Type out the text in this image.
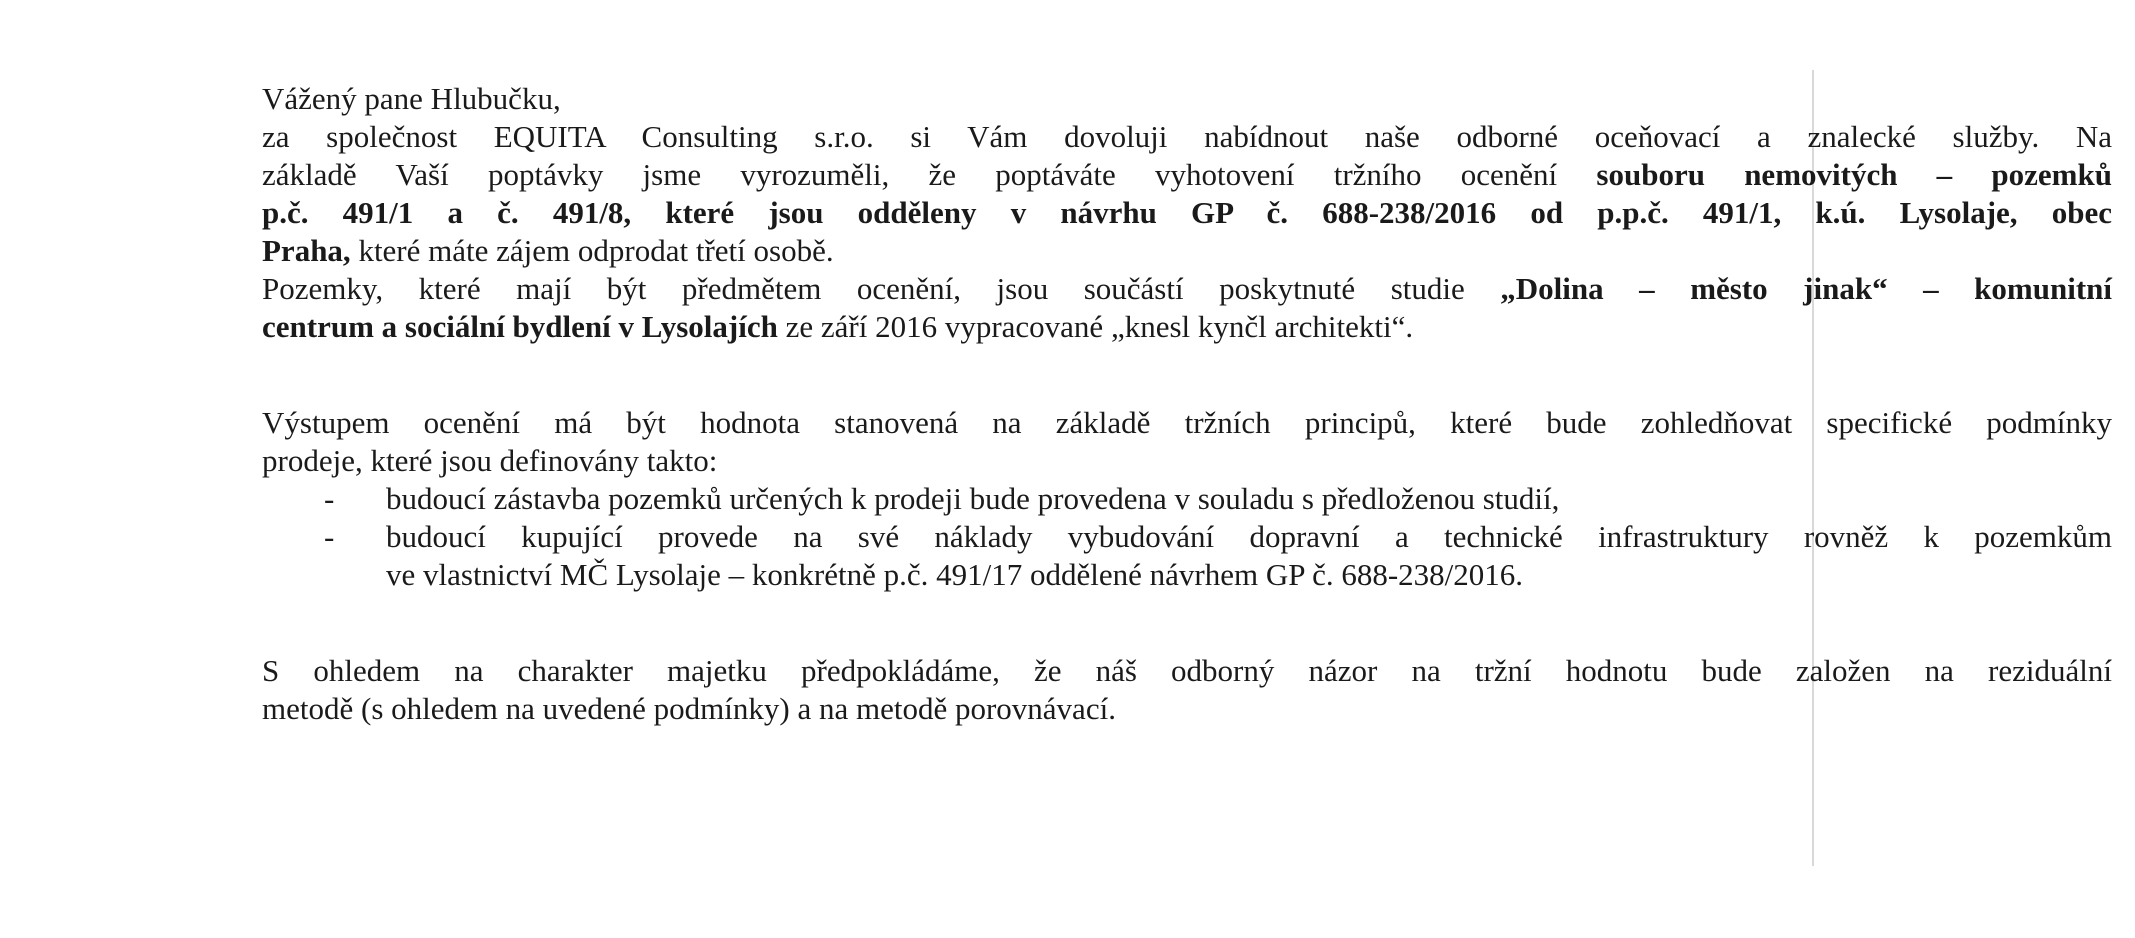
Vážený pane Hlubučku,

za společnost EQUITA Consulting s.r.o. si Vám dovoluji nabídnout naše odborné oceňovací a znalecké služby. Na
základě Vaší poptávky jsme vyrozuměli, že poptáváte vyhotovení tržního ocenění souboru nemovitých – pozemků
p.č. 491/1 a č. 491/8, které jsou odděleny v návrhu GP č. 688-238/2016 od p.p.č. 491/1, k.ú. Lysolaje, obec
Praha, které máte zájem odprodat třetí osobě.

Pozemky, které mají být předmětem ocenění, jsou součástí poskytnuté studie „Dolina – město jinak“ – komunitní
centrum a sociální bydlení v Lysolajích ze září 2016 vypracované „knesl kynčl architekti“.

Výstupem ocenění má být hodnota stanovená na základě tržních principů, které bude zohledňovat specifické podmínky
prodeje, které jsou definovány takto:

- budoucí zástavba pozemků určených k prodeji bude provedena v souladu s předloženou studií,
- budoucí kupující provede na své náklady vybudování dopravní a technické infrastruktury rovněž k pozemkům
ve vlastnictví MČ Lysolaje – konkrétně p.č. 491/17 oddělené návrhem GP č. 688-238/2016.

S ohledem na charakter majetku předpokládáme, že náš odborný názor na tržní hodnotu bude založen na reziduální
metodě (s ohledem na uvedené podmínky) a na metodě porovnávací.
